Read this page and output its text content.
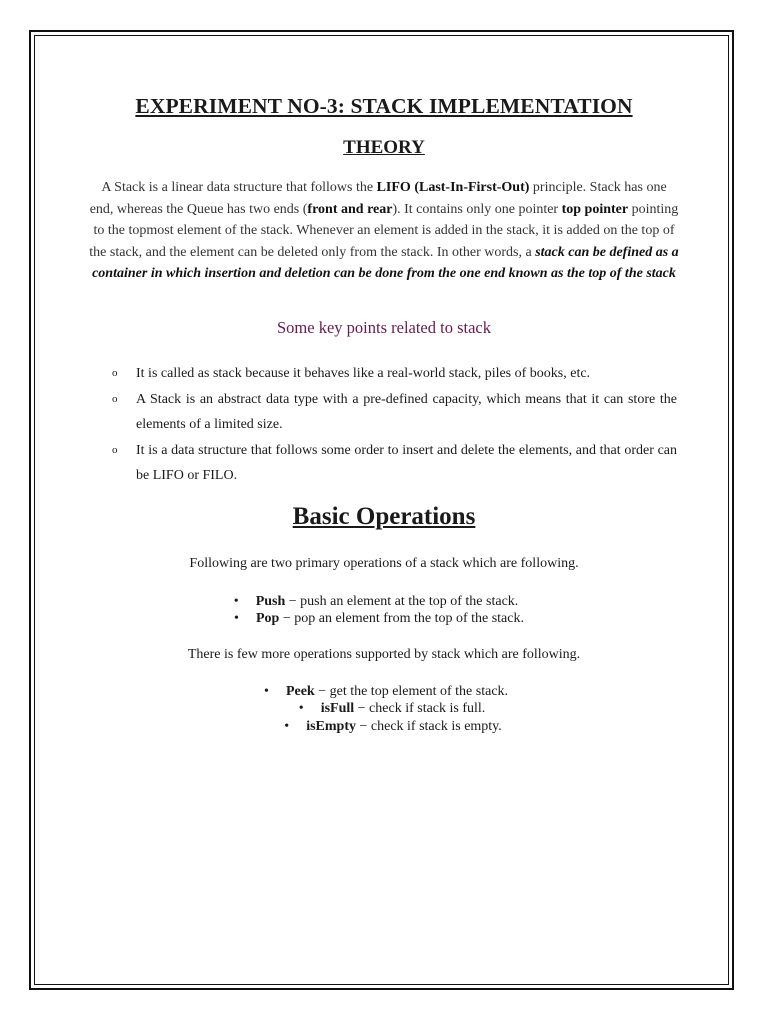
EXPERIMENT NO-3: STACK IMPLEMENTATION
THEORY

A Stack is a linear data structure that follows the LIFO (Last-In-First-Out) principle. Stack has one end, whereas the Queue has two ends (front and rear). It contains only one pointer top pointer pointing to the topmost element of the stack. Whenever an element is added in the stack, it is added on the top of the stack, and the element can be deleted only from the stack. In other words, a stack can be defined as a container in which insertion and deletion can be done from the one end known as the top of the stack

Some key points related to stack

o It is called as stack because it behaves like a real-world stack, piles of books, etc.
o A Stack is an abstract data type with a pre-defined capacity, which means that it can store the elements of a limited size.
o It is a data structure that follows some order to insert and delete the elements, and that order can be LIFO or FILO.
Basic Operations

Following are two primary operations of a stack which are following.

• Push − push an element at the top of the stack.

• Pop − pop an element from the top of the stack.

There is few more operations supported by stack which are following.

• Peek − get the top element of the stack.

• isFull − check if stack is full.

• isEmpty − check if stack is empty.
